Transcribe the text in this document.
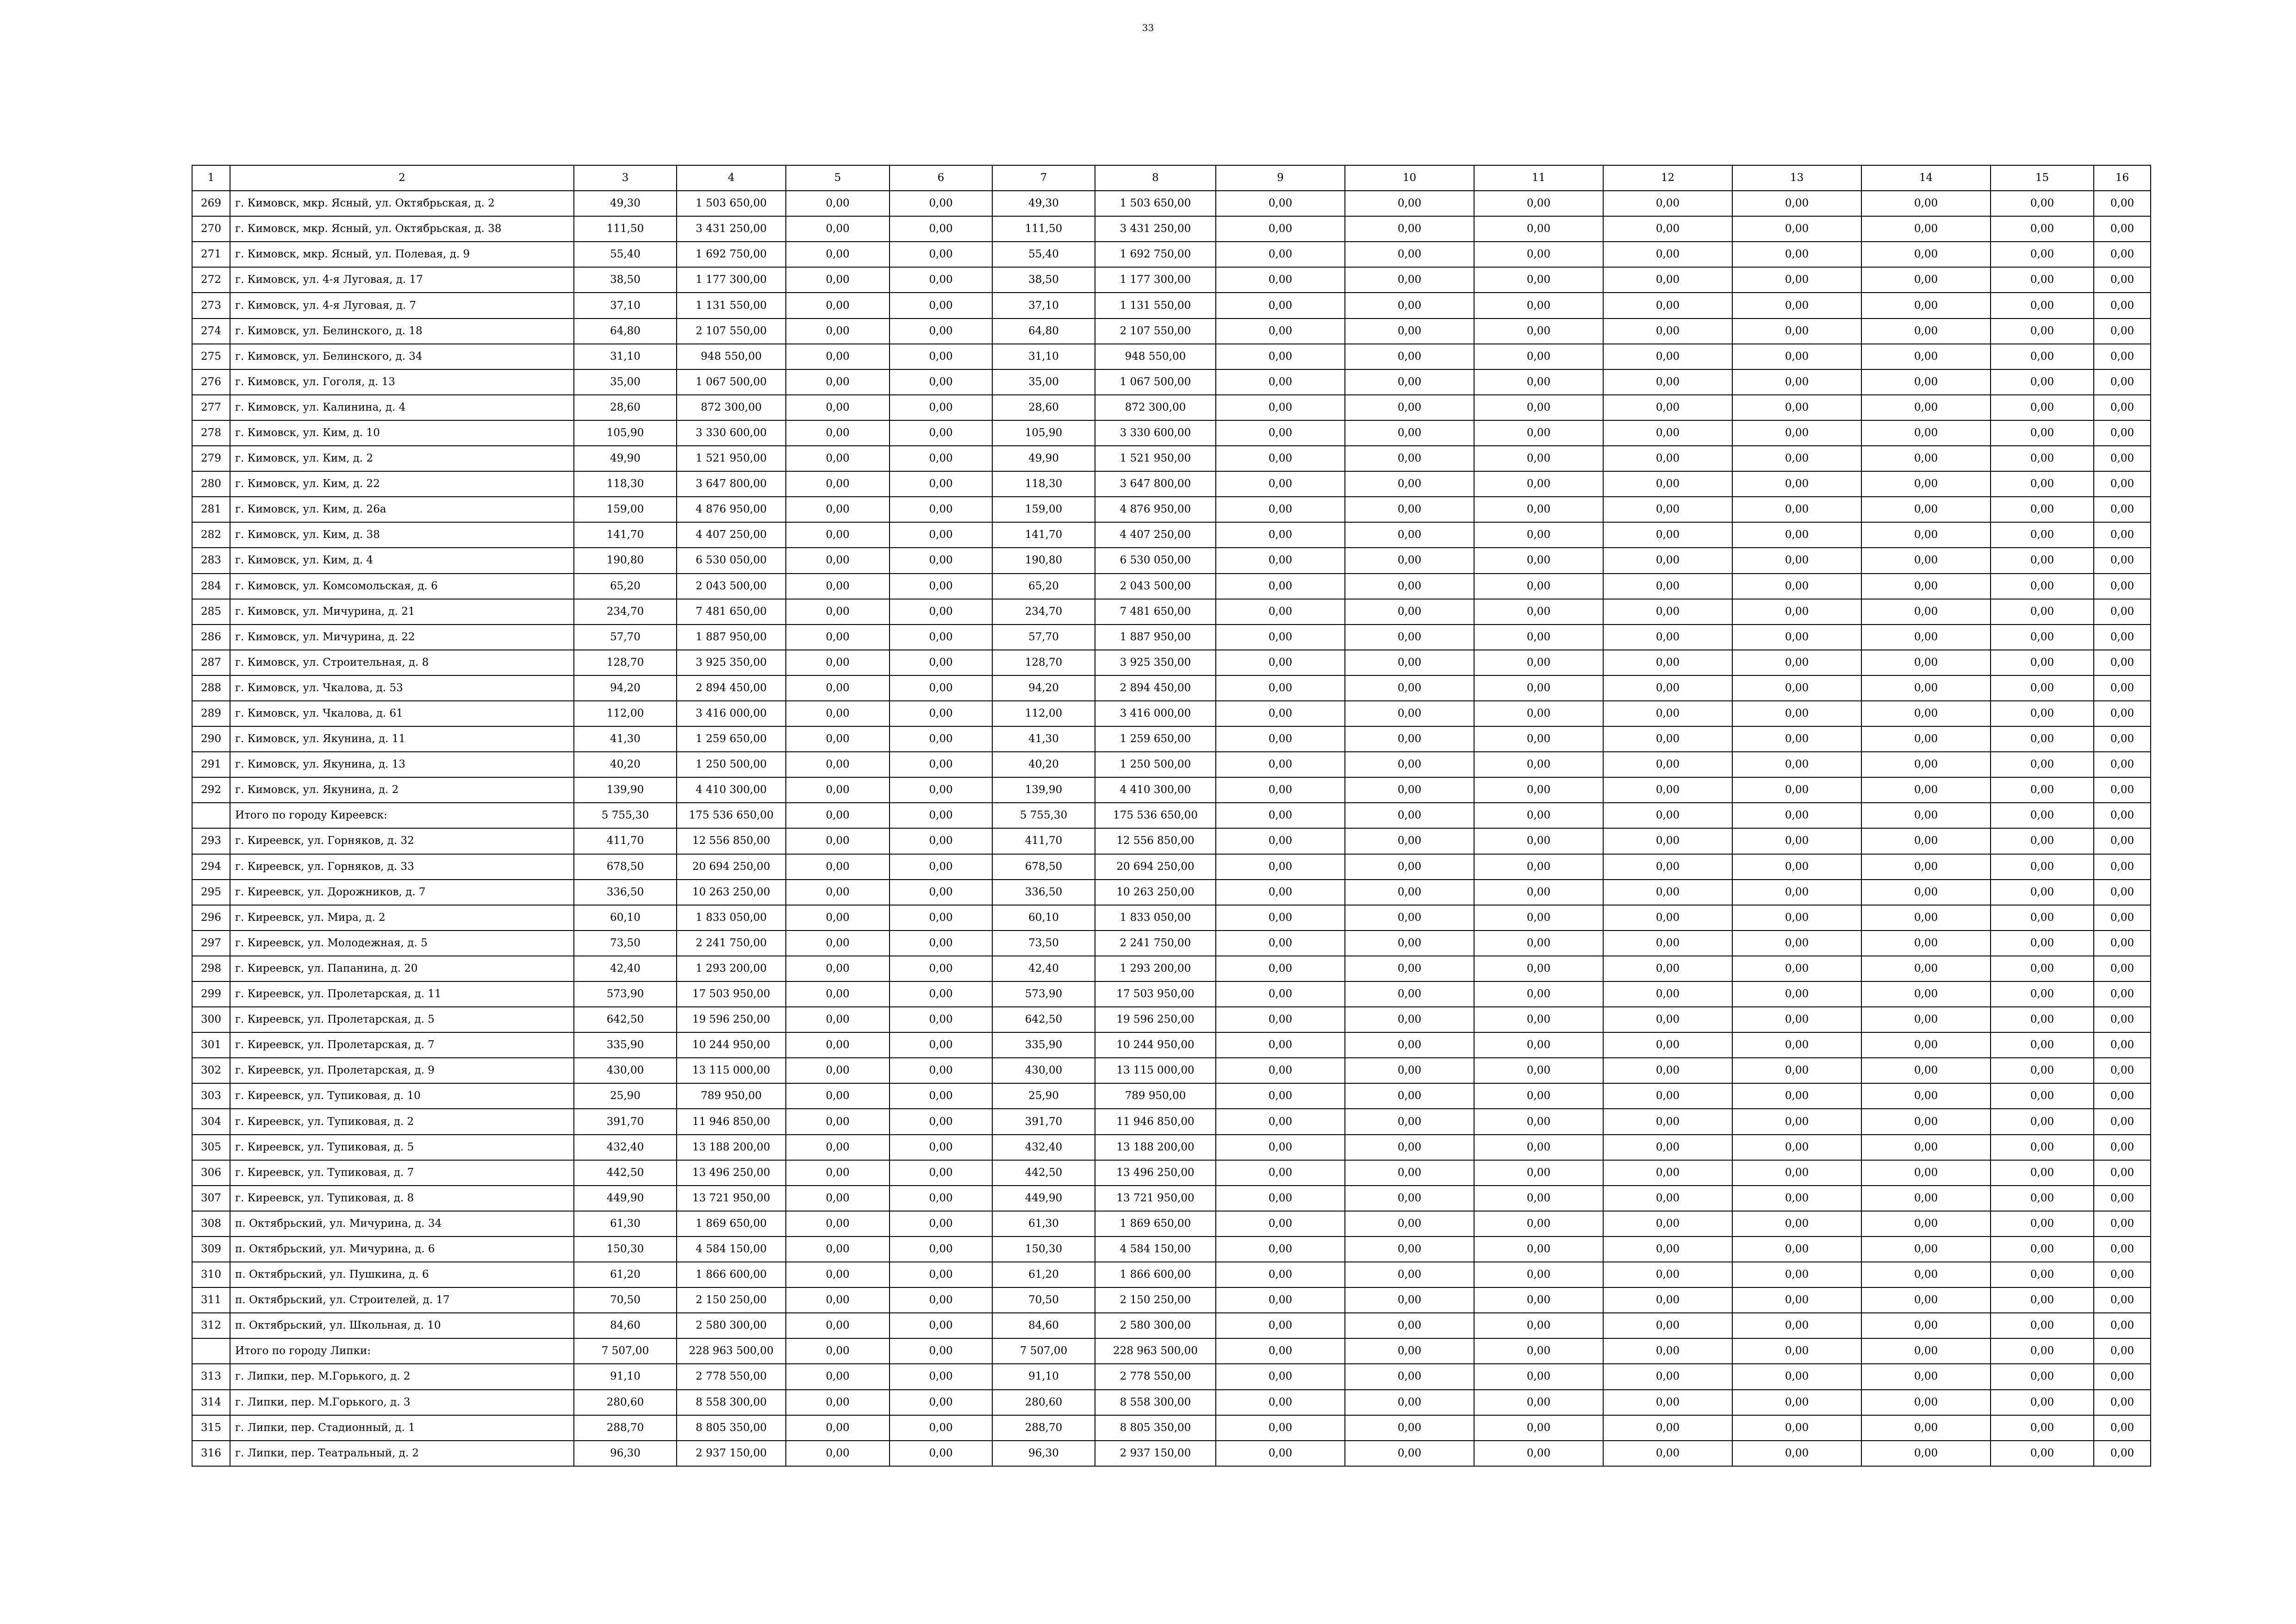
33
1	2	3	4	5	6	7	8	9	10	11	12	13	14	15	16
269	г. Кимовск, мкр. Ясный, ул. Октябрьская, д. 2	49,30	1 503 650,00	0,00	0,00	49,30	1 503 650,00	0,00	0,00	0,00	0,00	0,00	0,00	0,00	0,00
270	г. Кимовск, мкр. Ясный, ул. Октябрьская, д. 38	111,50	3 431 250,00	0,00	0,00	111,50	3 431 250,00	0,00	0,00	0,00	0,00	0,00	0,00	0,00	0,00
271	г. Кимовск, мкр. Ясный, ул. Полевая, д. 9	55,40	1 692 750,00	0,00	0,00	55,40	1 692 750,00	0,00	0,00	0,00	0,00	0,00	0,00	0,00	0,00
272	г. Кимовск, ул. 4-я Луговая, д. 17	38,50	1 177 300,00	0,00	0,00	38,50	1 177 300,00	0,00	0,00	0,00	0,00	0,00	0,00	0,00	0,00
273	г. Кимовск, ул. 4-я Луговая, д. 7	37,10	1 131 550,00	0,00	0,00	37,10	1 131 550,00	0,00	0,00	0,00	0,00	0,00	0,00	0,00	0,00
274	г. Кимовск, ул. Белинского, д. 18	64,80	2 107 550,00	0,00	0,00	64,80	2 107 550,00	0,00	0,00	0,00	0,00	0,00	0,00	0,00	0,00
275	г. Кимовск, ул. Белинского, д. 34	31,10	948 550,00	0,00	0,00	31,10	948 550,00	0,00	0,00	0,00	0,00	0,00	0,00	0,00	0,00
276	г. Кимовск, ул. Гоголя, д. 13	35,00	1 067 500,00	0,00	0,00	35,00	1 067 500,00	0,00	0,00	0,00	0,00	0,00	0,00	0,00	0,00
277	г. Кимовск, ул. Калинина, д. 4	28,60	872 300,00	0,00	0,00	28,60	872 300,00	0,00	0,00	0,00	0,00	0,00	0,00	0,00	0,00
278	г. Кимовск, ул. Ким, д. 10	105,90	3 330 600,00	0,00	0,00	105,90	3 330 600,00	0,00	0,00	0,00	0,00	0,00	0,00	0,00	0,00
279	г. Кимовск, ул. Ким, д. 2	49,90	1 521 950,00	0,00	0,00	49,90	1 521 950,00	0,00	0,00	0,00	0,00	0,00	0,00	0,00	0,00
280	г. Кимовск, ул. Ким, д. 22	118,30	3 647 800,00	0,00	0,00	118,30	3 647 800,00	0,00	0,00	0,00	0,00	0,00	0,00	0,00	0,00
281	г. Кимовск, ул. Ким, д. 26а	159,00	4 876 950,00	0,00	0,00	159,00	4 876 950,00	0,00	0,00	0,00	0,00	0,00	0,00	0,00	0,00
282	г. Кимовск, ул. Ким, д. 38	141,70	4 407 250,00	0,00	0,00	141,70	4 407 250,00	0,00	0,00	0,00	0,00	0,00	0,00	0,00	0,00
283	г. Кимовск, ул. Ким, д. 4	190,80	6 530 050,00	0,00	0,00	190,80	6 530 050,00	0,00	0,00	0,00	0,00	0,00	0,00	0,00	0,00
284	г. Кимовск, ул. Комсомольская, д. 6	65,20	2 043 500,00	0,00	0,00	65,20	2 043 500,00	0,00	0,00	0,00	0,00	0,00	0,00	0,00	0,00
285	г. Кимовск, ул. Мичурина, д. 21	234,70	7 481 650,00	0,00	0,00	234,70	7 481 650,00	0,00	0,00	0,00	0,00	0,00	0,00	0,00	0,00
286	г. Кимовск, ул. Мичурина, д. 22	57,70	1 887 950,00	0,00	0,00	57,70	1 887 950,00	0,00	0,00	0,00	0,00	0,00	0,00	0,00	0,00
287	г. Кимовск, ул. Строительная, д. 8	128,70	3 925 350,00	0,00	0,00	128,70	3 925 350,00	0,00	0,00	0,00	0,00	0,00	0,00	0,00	0,00
288	г. Кимовск, ул. Чкалова, д. 53	94,20	2 894 450,00	0,00	0,00	94,20	2 894 450,00	0,00	0,00	0,00	0,00	0,00	0,00	0,00	0,00
289	г. Кимовск, ул. Чкалова, д. 61	112,00	3 416 000,00	0,00	0,00	112,00	3 416 000,00	0,00	0,00	0,00	0,00	0,00	0,00	0,00	0,00
290	г. Кимовск, ул. Якунина, д. 11	41,30	1 259 650,00	0,00	0,00	41,30	1 259 650,00	0,00	0,00	0,00	0,00	0,00	0,00	0,00	0,00
291	г. Кимовск, ул. Якунина, д. 13	40,20	1 250 500,00	0,00	0,00	40,20	1 250 500,00	0,00	0,00	0,00	0,00	0,00	0,00	0,00	0,00
292	г. Кимовск, ул. Якунина, д. 2	139,90	4 410 300,00	0,00	0,00	139,90	4 410 300,00	0,00	0,00	0,00	0,00	0,00	0,00	0,00	0,00
	Итого по городу Киреевск:	5 755,30	175 536 650,00	0,00	0,00	5 755,30	175 536 650,00	0,00	0,00	0,00	0,00	0,00	0,00	0,00	0,00
293	г. Киреевск, ул. Горняков, д. 32	411,70	12 556 850,00	0,00	0,00	411,70	12 556 850,00	0,00	0,00	0,00	0,00	0,00	0,00	0,00	0,00
294	г. Киреевск, ул. Горняков, д. 33	678,50	20 694 250,00	0,00	0,00	678,50	20 694 250,00	0,00	0,00	0,00	0,00	0,00	0,00	0,00	0,00
295	г. Киреевск, ул. Дорожников, д. 7	336,50	10 263 250,00	0,00	0,00	336,50	10 263 250,00	0,00	0,00	0,00	0,00	0,00	0,00	0,00	0,00
296	г. Киреевск, ул. Мира, д. 2	60,10	1 833 050,00	0,00	0,00	60,10	1 833 050,00	0,00	0,00	0,00	0,00	0,00	0,00	0,00	0,00
297	г. Киреевск, ул. Молодежная, д. 5	73,50	2 241 750,00	0,00	0,00	73,50	2 241 750,00	0,00	0,00	0,00	0,00	0,00	0,00	0,00	0,00
298	г. Киреевск, ул. Папанина, д. 20	42,40	1 293 200,00	0,00	0,00	42,40	1 293 200,00	0,00	0,00	0,00	0,00	0,00	0,00	0,00	0,00
299	г. Киреевск, ул. Пролетарская, д. 11	573,90	17 503 950,00	0,00	0,00	573,90	17 503 950,00	0,00	0,00	0,00	0,00	0,00	0,00	0,00	0,00
300	г. Киреевск, ул. Пролетарская, д. 5	642,50	19 596 250,00	0,00	0,00	642,50	19 596 250,00	0,00	0,00	0,00	0,00	0,00	0,00	0,00	0,00
301	г. Киреевск, ул. Пролетарская, д. 7	335,90	10 244 950,00	0,00	0,00	335,90	10 244 950,00	0,00	0,00	0,00	0,00	0,00	0,00	0,00	0,00
302	г. Киреевск, ул. Пролетарская, д. 9	430,00	13 115 000,00	0,00	0,00	430,00	13 115 000,00	0,00	0,00	0,00	0,00	0,00	0,00	0,00	0,00
303	г. Киреевск, ул. Тупиковая, д. 10	25,90	789 950,00	0,00	0,00	25,90	789 950,00	0,00	0,00	0,00	0,00	0,00	0,00	0,00	0,00
304	г. Киреевск, ул. Тупиковая, д. 2	391,70	11 946 850,00	0,00	0,00	391,70	11 946 850,00	0,00	0,00	0,00	0,00	0,00	0,00	0,00	0,00
305	г. Киреевск, ул. Тупиковая, д. 5	432,40	13 188 200,00	0,00	0,00	432,40	13 188 200,00	0,00	0,00	0,00	0,00	0,00	0,00	0,00	0,00
306	г. Киреевск, ул. Тупиковая, д. 7	442,50	13 496 250,00	0,00	0,00	442,50	13 496 250,00	0,00	0,00	0,00	0,00	0,00	0,00	0,00	0,00
307	г. Киреевск, ул. Тупиковая, д. 8	449,90	13 721 950,00	0,00	0,00	449,90	13 721 950,00	0,00	0,00	0,00	0,00	0,00	0,00	0,00	0,00
308	п. Октябрьский, ул. Мичурина, д. 34	61,30	1 869 650,00	0,00	0,00	61,30	1 869 650,00	0,00	0,00	0,00	0,00	0,00	0,00	0,00	0,00
309	п. Октябрьский, ул. Мичурина, д. 6	150,30	4 584 150,00	0,00	0,00	150,30	4 584 150,00	0,00	0,00	0,00	0,00	0,00	0,00	0,00	0,00
310	п. Октябрьский, ул. Пушкина, д. 6	61,20	1 866 600,00	0,00	0,00	61,20	1 866 600,00	0,00	0,00	0,00	0,00	0,00	0,00	0,00	0,00
311	п. Октябрьский, ул. Строителей, д. 17	70,50	2 150 250,00	0,00	0,00	70,50	2 150 250,00	0,00	0,00	0,00	0,00	0,00	0,00	0,00	0,00
312	п. Октябрьский, ул. Школьная, д. 10	84,60	2 580 300,00	0,00	0,00	84,60	2 580 300,00	0,00	0,00	0,00	0,00	0,00	0,00	0,00	0,00
	Итого по городу Липки:	7 507,00	228 963 500,00	0,00	0,00	7 507,00	228 963 500,00	0,00	0,00	0,00	0,00	0,00	0,00	0,00	0,00
313	г. Липки, пер. М.Горького, д. 2	91,10	2 778 550,00	0,00	0,00	91,10	2 778 550,00	0,00	0,00	0,00	0,00	0,00	0,00	0,00	0,00
314	г. Липки, пер. М.Горького, д. 3	280,60	8 558 300,00	0,00	0,00	280,60	8 558 300,00	0,00	0,00	0,00	0,00	0,00	0,00	0,00	0,00
315	г. Липки, пер. Стадионный, д. 1	288,70	8 805 350,00	0,00	0,00	288,70	8 805 350,00	0,00	0,00	0,00	0,00	0,00	0,00	0,00	0,00
316	г. Липки, пер. Театральный, д. 2	96,30	2 937 150,00	0,00	0,00	96,30	2 937 150,00	0,00	0,00	0,00	0,00	0,00	0,00	0,00	0,00
